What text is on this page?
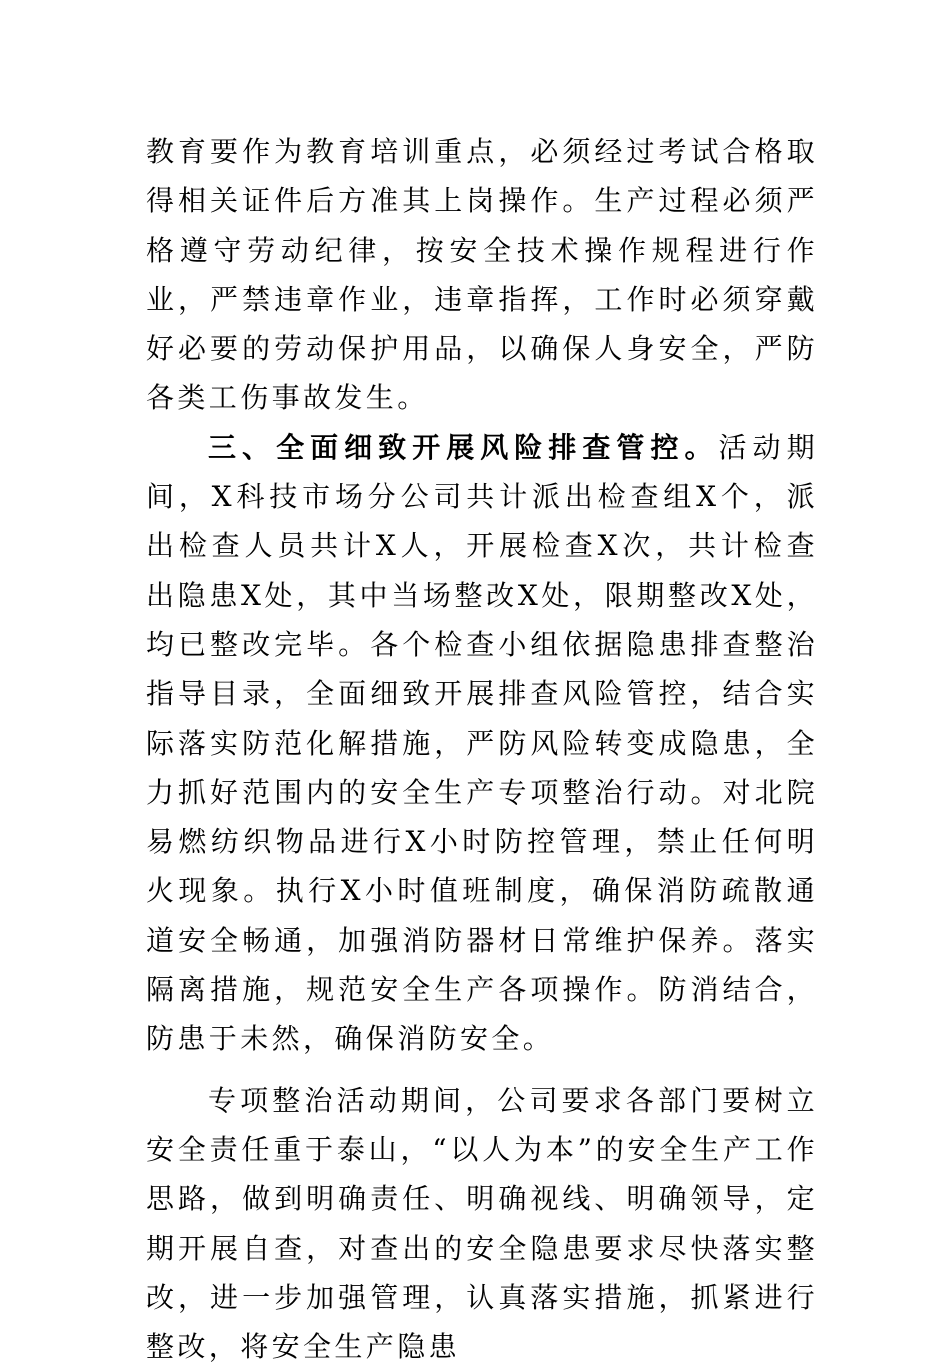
教育要作为教育培训重点，必须经过考试合格取得相关证件后方准其上岗操作。生产过程必须严格遵守劳动纪律，按安全技术操作规程进行作业，严禁违章作业，违章指挥，工作时必须穿戴好必要的劳动保护用品，以确保人身安全，严防各类工伤事故发生。

三、全面细致开展风险排查管控。活动期间，X科技市场分公司共计派出检查组X个，派出检查人员共计X人，开展检查X次，共计检查出隐患X处，其中当场整改X处，限期整改X处，均已整改完毕。各个检查小组依据隐患排查整治指导目录，全面细致开展排查风险管控，结合实际落实防范化解措施，严防风险转变成隐患，全力抓好范围内的安全生产专项整治行动。对北院易燃纺织物品进行X小时防控管理，禁止任何明火现象。执行X小时值班制度，确保消防疏散通道安全畅通，加强消防器材日常维护保养。落实隔离措施，规范安全生产各项操作。防消结合，防患于未然，确保消防安全。

专项整治活动期间，公司要求各部门要树立安全责任重于泰山，“以人为本”的安全生产工作思路，做到明确责任、明确视线、明确领导，定期开展自查，对查出的安全隐患要求尽快落实整改，进一步加强管理，认真落实措施，抓紧进行整改，将安全生产隐患
